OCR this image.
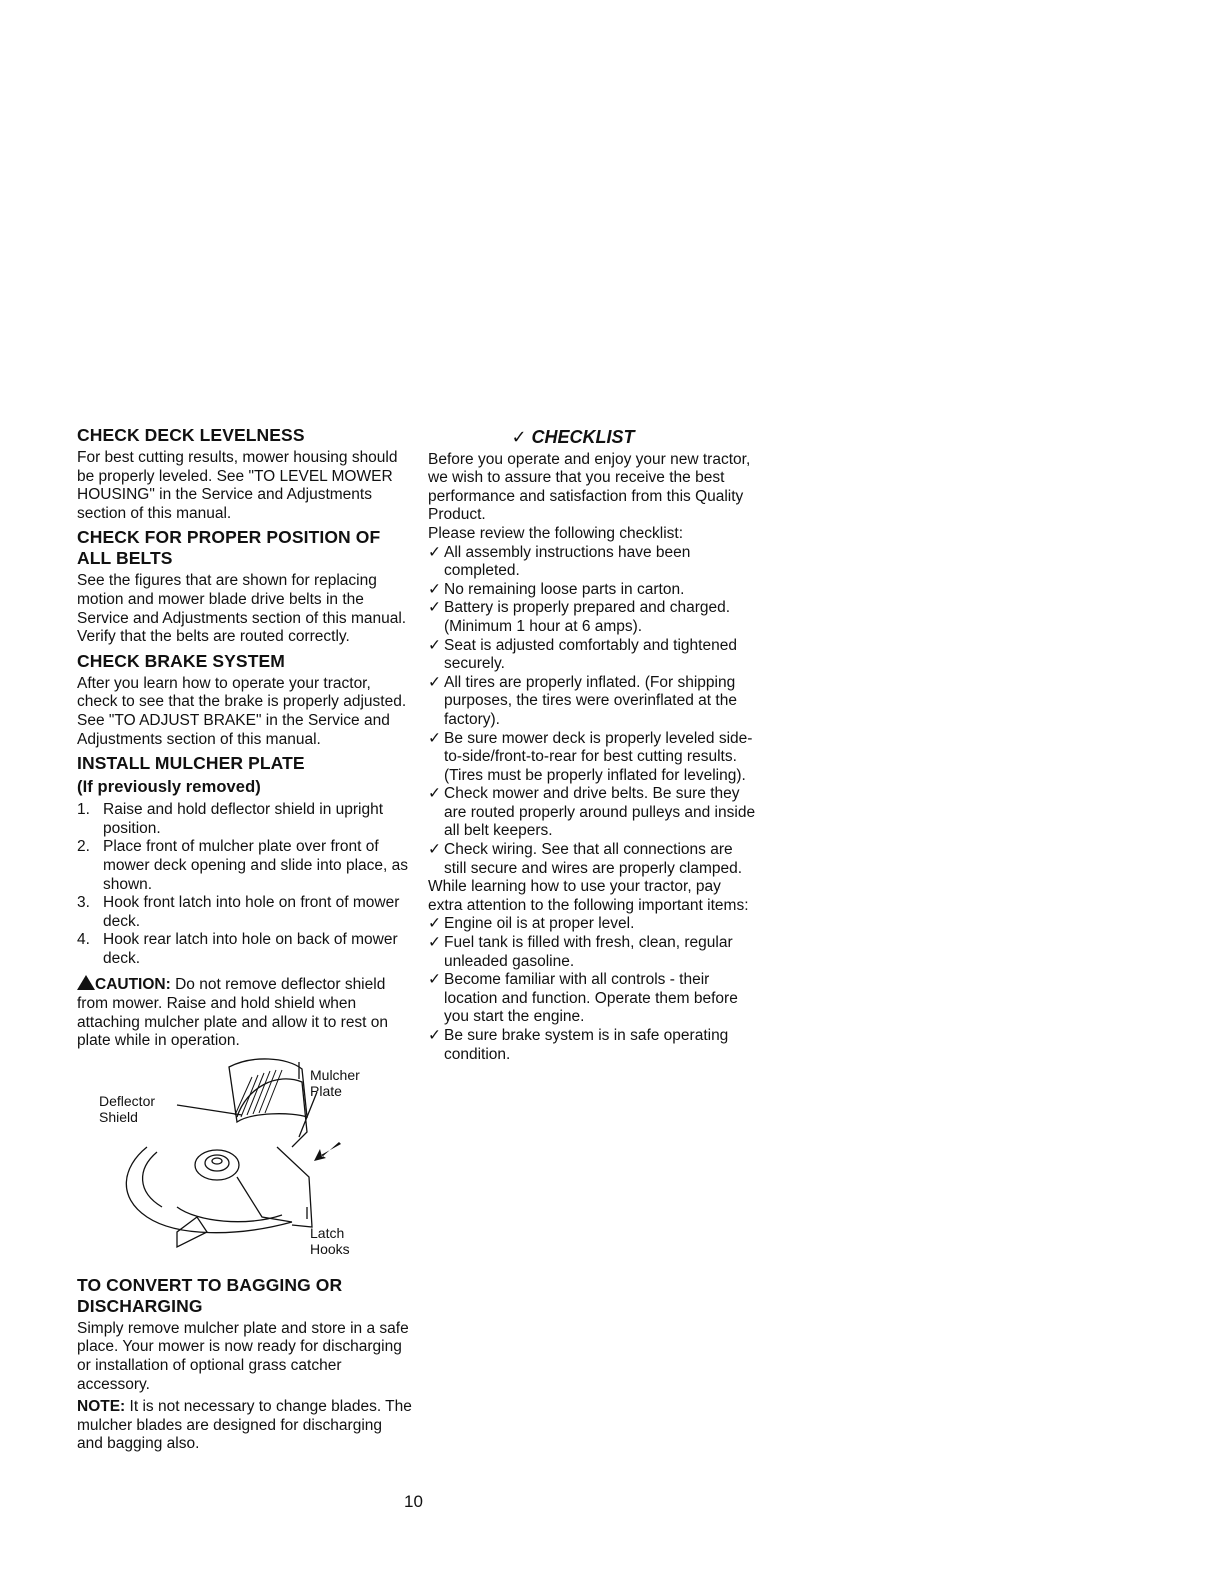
CHECK DECK LEVELNESS

For best cutting results, mower housing should be properly leveled. See "TO LEVEL MOWER HOUSING" in the Service and Adjustments section of this manual.

CHECK FOR PROPER POSITION OF ALL BELTS

See the figures that are shown for replacing motion and mower blade drive belts in the Service and Adjustments section of this manual. Verify that the belts are routed correctly.

CHECK BRAKE SYSTEM

After you learn how to operate your tractor, check to see that the brake is properly adjusted. See "TO ADJUST BRAKE" in the Service and Adjustments section of this manual.

INSTALL MULCHER PLATE
(If previously removed)
1. Raise and hold deflector shield in upright position.
2. Place front of mulcher plate over front of mower deck opening and slide into place, as shown.
3. Hook front latch into hole on front of mower deck.
4. Hook rear latch into hole on back of mower deck.

CAUTION: Do not remove deflector shield from mower. Raise and hold shield when attaching mulcher plate and allow it to rest on plate while in operation.

Deflector
Shield
Mulcher
Plate
Latch
Hooks
TO CONVERT TO BAGGING OR DISCHARGING

Simply remove mulcher plate and store in a safe place. Your mower is now ready for discharging or installation of optional grass catcher accessory.

NOTE: It is not necessary to change blades. The mulcher blades are designed for discharging and bagging also.

✓ CHECKLIST

Before you operate and enjoy your new tractor, we wish to assure that you receive the best performance and satisfaction from this Quality Product.

Please review the following checklist:

✓ All assembly instructions have been completed.
✓ No remaining loose parts in carton.
✓ Battery is properly prepared and charged. (Minimum 1 hour at 6 amps).
✓ Seat is adjusted comfortably and tightened securely.
✓ All tires are properly inflated. (For shipping purposes, the tires were overinflated at the factory).
✓ Be sure mower deck is properly leveled side-to-side/front-to-rear for best cutting results. (Tires must be properly inflated for leveling).
✓ Check mower and drive belts. Be sure they are routed properly around pulleys and inside all belt keepers.
✓ Check wiring. See that all connections are still secure and wires are properly clamped.

While learning how to use your tractor, pay extra attention to the following important items:

✓ Engine oil is at proper level.
✓ Fuel tank is filled with fresh, clean, regular unleaded gasoline.
✓ Become familiar with all controls - their location and function. Operate them before you start the engine.
✓ Be sure brake system is in safe operating condition.
10
